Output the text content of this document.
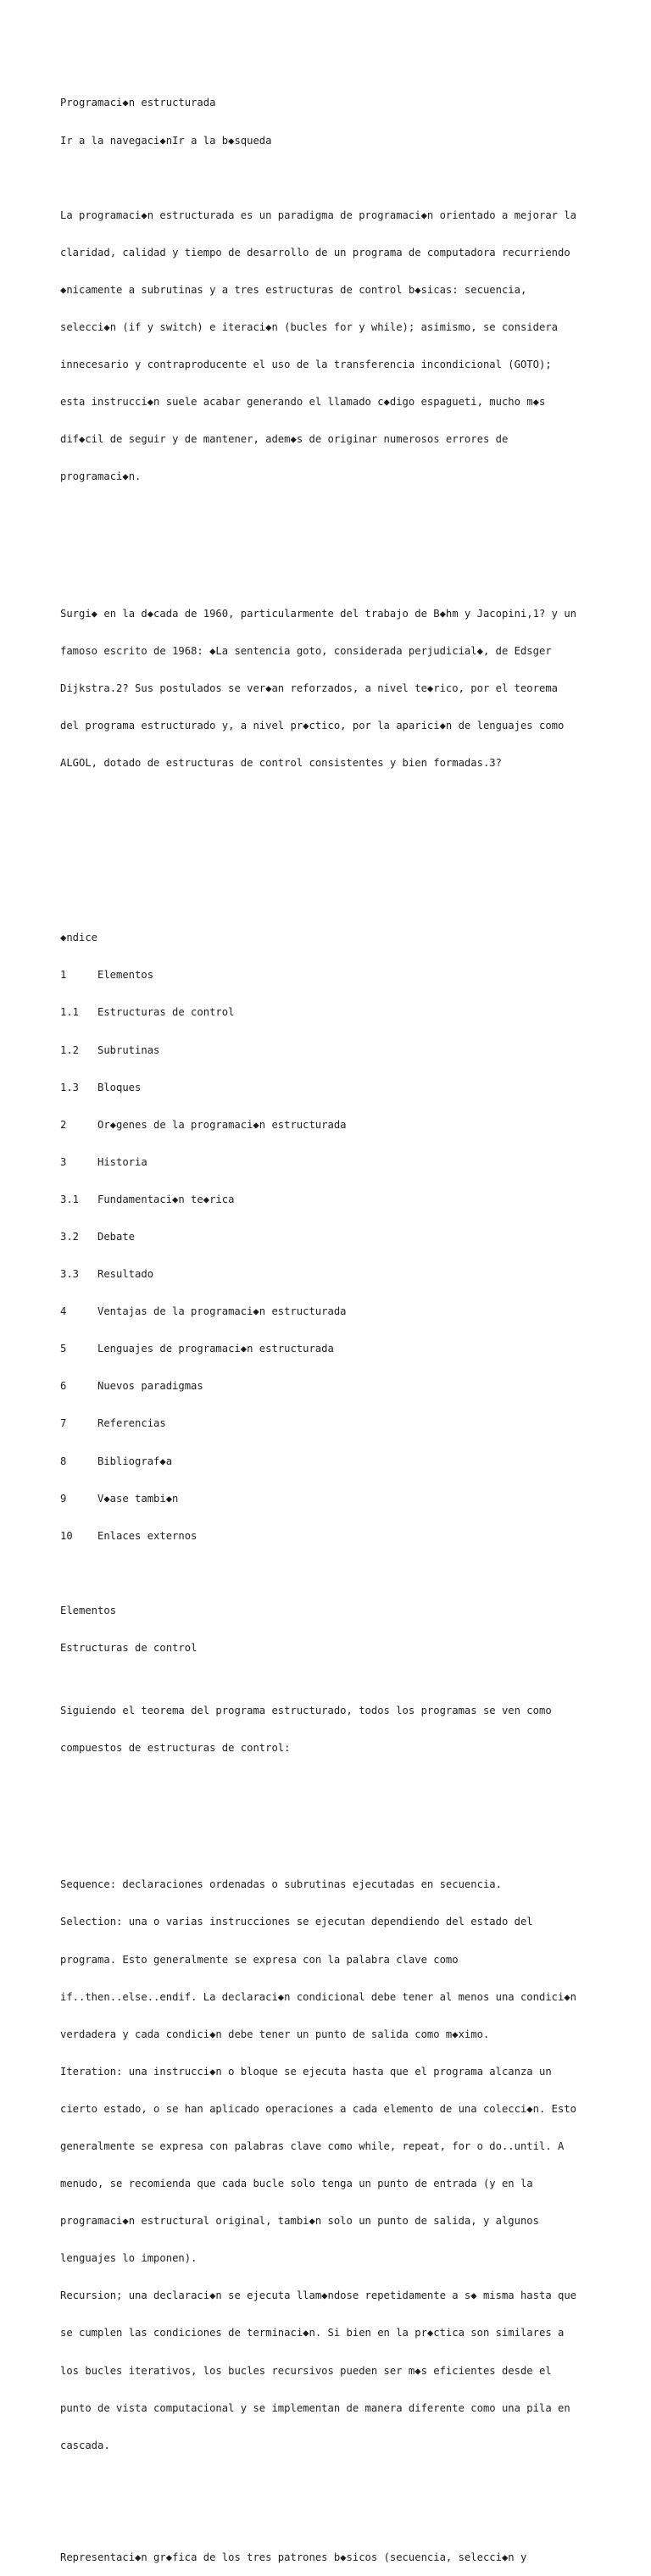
Programaci◆n estructurada

Ir a la navegaci◆nIr a la b◆squeda

La programaci◆n estructurada es un paradigma de programaci◆n orientado a mejorar la

claridad, calidad y tiempo de desarrollo de un programa de computadora recurriendo

◆nicamente a subrutinas y a tres estructuras de control b◆sicas: secuencia,

selecci◆n (if y switch) e iteraci◆n (bucles for y while); asimismo, se considera

innecesario y contraproducente el uso de la transferencia incondicional (GOTO);

esta instrucci◆n suele acabar generando el llamado c◆digo espagueti, mucho m◆s

dif◆cil de seguir y de mantener, adem◆s de originar numerosos errores de

programaci◆n.

Surgi◆ en la d◆cada de 1960, particularmente del trabajo de B◆hm y Jacopini,1? y un

famoso escrito de 1968: ◆La sentencia goto, considerada perjudicial◆, de Edsger

Dijkstra.2? Sus postulados se ver◆an reforzados, a nivel te◆rico, por el teorema

del programa estructurado y, a nivel pr◆ctico, por la aparici◆n de lenguajes como

ALGOL, dotado de estructuras de control consistentes y bien formadas.3?

◆ndice

1	Elementos

1.1 Estructuras de control

1.2 Subrutinas

1.3 Bloques

2	Or◆genes de la programaci◆n estructurada

3	Historia

3.1 Fundamentaci◆n te◆rica

3.2 Debate

3.3 Resultado

4	Ventajas de la programaci◆n estructurada

5	Lenguajes de programaci◆n estructurada

6	Nuevos paradigmas

7	Referencias

8	Bibliograf◆a

9	V◆ase tambi◆n

10 Enlaces externos

Elementos

Estructuras de control

Siguiendo el teorema del programa estructurado, todos los programas se ven como

compuestos de estructuras de control:

Sequence: declaraciones ordenadas o subrutinas ejecutadas en secuencia.

Selection: una o varias instrucciones se ejecutan dependiendo del estado del

programa. Esto generalmente se expresa con la palabra clave como

if..then..else..endif. La declaraci◆n condicional debe tener al menos una condici◆n

verdadera y cada condici◆n debe tener un punto de salida como m◆ximo.

Iteration: una instrucci◆n o bloque se ejecuta hasta que el programa alcanza un

cierto estado, o se han aplicado operaciones a cada elemento de una colecci◆n. Esto

generalmente se expresa con palabras clave como while, repeat, for o do..until. A

menudo, se recomienda que cada bucle solo tenga un punto de entrada (y en la

programaci◆n estructural original, tambi◆n solo un punto de salida, y algunos

lenguajes lo imponen).

Recursion; una declaraci◆n se ejecuta llam◆ndose repetidamente a s◆ misma hasta que

se cumplen las condiciones de terminaci◆n. Si bien en la pr◆ctica son similares a

los bucles iterativos, los bucles recursivos pueden ser m◆s eficientes desde el

punto de vista computacional y se implementan de manera diferente como una pila en

cascada.

Representaci◆n gr◆fica de los tres patrones b◆sicos (secuencia, selecci◆n y
